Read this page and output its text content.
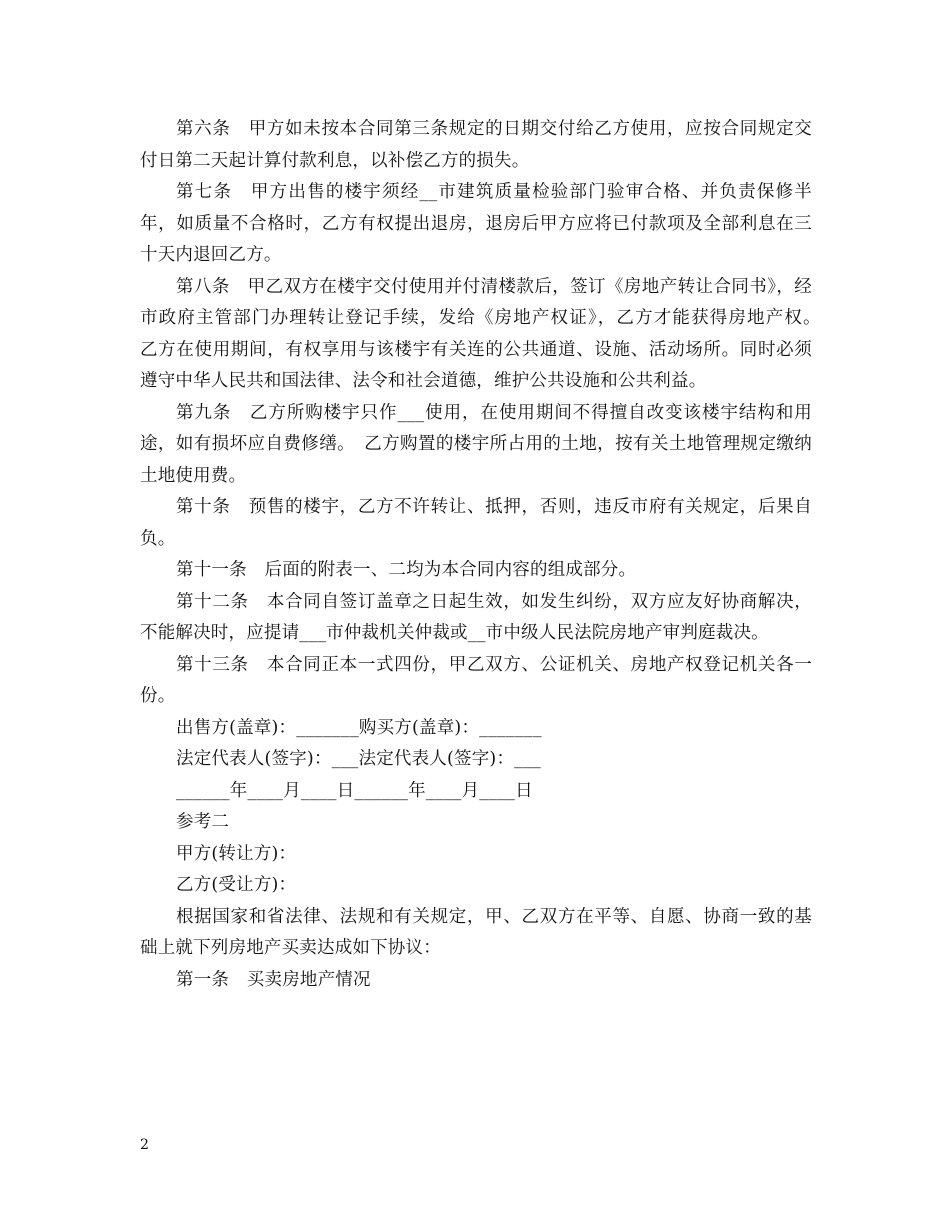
第六条　甲方如未按本合同第三条规定的日期交付给乙方使用，应按合同规定交付日第二天起计算付款利息，以补偿乙方的损失。

第七条　甲方出售的楼宇须经__市建筑质量检验部门验审合格、并负责保修半年，如质量不合格时，乙方有权提出退房，退房后甲方应将已付款项及全部利息在三十天内退回乙方。

第八条　甲乙双方在楼宇交付使用并付清楼款后，签订《房地产转让合同书》，经市政府主管部门办理转让登记手续，发给《房地产权证》，乙方才能获得房地产权。　乙方在使用期间，有权享用与该楼宇有关连的公共通道、设施、活动场所。同时必须遵守中华人民共和国法律、法令和社会道德，维护公共设施和公共利益。

第九条　乙方所购楼宇只作___使用，在使用期间不得擅自改变该楼宇结构和用途，如有损坏应自费修缮。　乙方购置的楼宇所占用的土地，按有关土地管理规定缴纳土地使用费。

第十条　预售的楼宇，乙方不许转让、抵押，否则，违反市府有关规定，后果自负。

第十一条　后面的附表一、二均为本合同内容的组成部分。

第十二条　本合同自签订盖章之日起生效，如发生纠纷，双方应友好协商解决，不能解决时，应提请___市仲裁机关仲裁或__市中级人民法院房地产审判庭裁决。

第十三条　本合同正本一式四份，甲乙双方、公证机关、房地产权登记机关各一份。

出售方(盖章)：_______购买方(盖章)：_______

法定代表人(签字)：___法定代表人(签字)：___

______年____月____日______年____月____日

参考二

甲方(转让方)：

乙方(受让方)：

根据国家和省法律、法规和有关规定，甲、乙双方在平等、自愿、协商一致的基础上就下列房地产买卖达成如下协议：

第一条　买卖房地产情况

2
